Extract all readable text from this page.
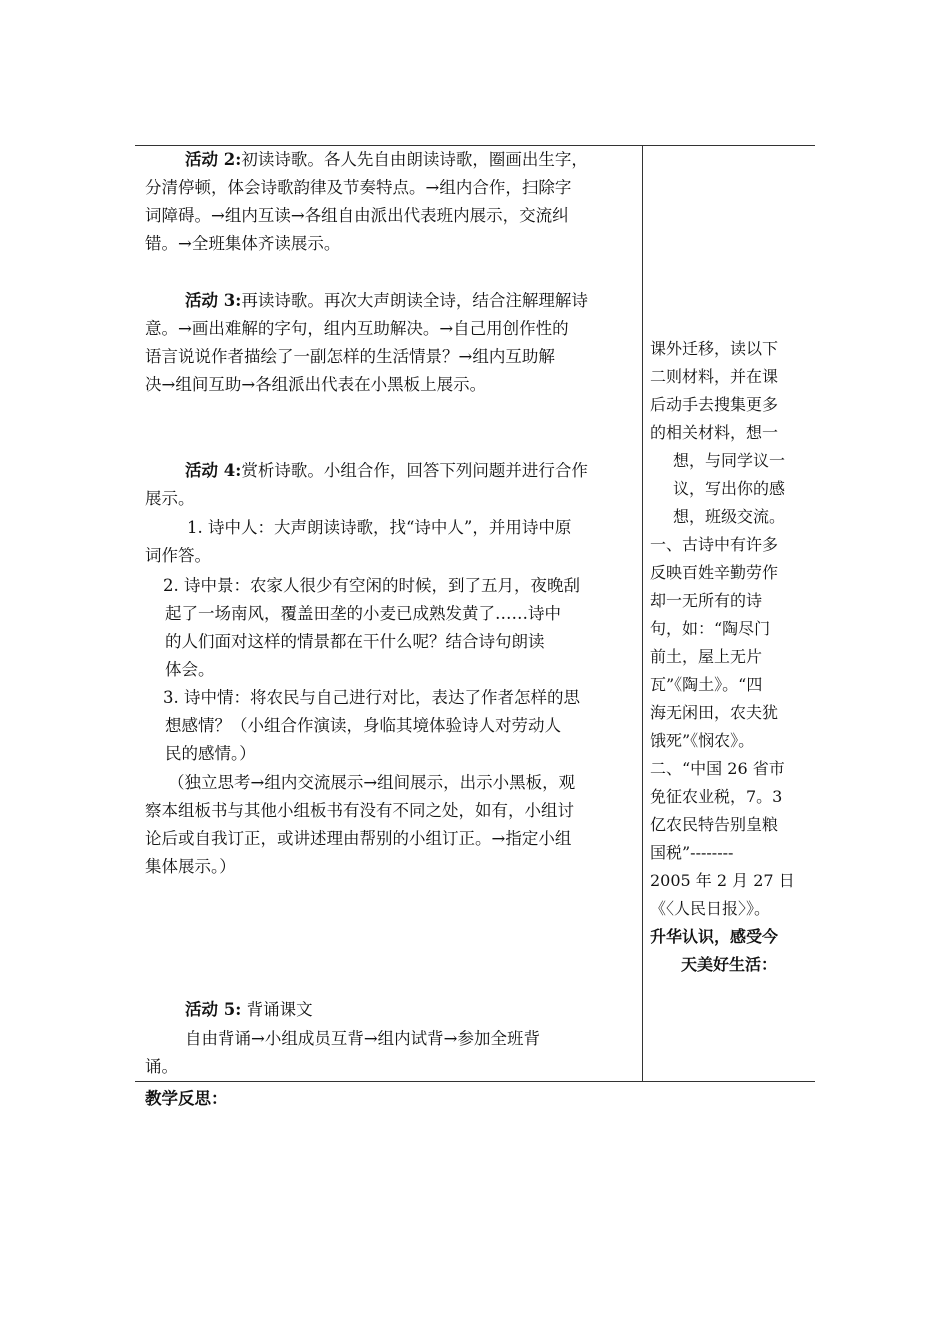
活动 2:初读诗歌。各人先自由朗读诗歌，圈画出生字，
分清停顿，体会诗歌韵律及节奏特点。→组内合作，扫除字
词障碍。→组内互读→各组自由派出代表班内展示，交流纠
错。→全班集体齐读展示。
活动 3:再读诗歌。再次大声朗读全诗，结合注解理解诗
意。→画出难解的字句，组内互助解决。→自己用创作性的
语言说说作者描绘了一副怎样的生活情景？→组内互助解
决→组间互助→各组派出代表在小黑板上展示。
活动 4:赏析诗歌。小组合作，回答下列问题并进行合作
展示。
1. 诗中人：大声朗读诗歌，找“诗中人”，并用诗中原
词作答。
2. 诗中景：农家人很少有空闲的时候，到了五月，夜晚刮
起了一场南风，覆盖田垄的小麦已成熟发黄了……诗中
的人们面对这样的情景都在干什么呢？结合诗句朗读
体会。
3. 诗中情：将农民与自己进行对比，表达了作者怎样的思
想感情？（小组合作演读，身临其境体验诗人对劳动人
民的感情。）
（独立思考→组内交流展示→组间展示，出示小黑板，观
察本组板书与其他小组板书有没有不同之处，如有，小组讨
论后或自我订正，或讲述理由帮别的小组订正。→指定小组
集体展示。）
活动 5: 背诵课文
自由背诵→小组成员互背→组内试背→参加全班背
诵。
课外迁移，读以下
二则材料，并在课
后动手去搜集更多
的相关材料，想一
想，与同学议一
议，写出你的感
想，班级交流。
一、古诗中有许多
反映百姓辛勤劳作
却一无所有的诗
句，如：“陶尽门
前土，屋上无片
瓦”《陶土》。“四
海无闲田，农夫犹
饿死”《悯农》。
二、“中国 26 省市
免征农业税，7。3
亿农民特告别皇粮
国税”--------
2005 年 2 月 27 日
《〈人民日报〉》。
升华认识，感受今
天美好生活：
教学反思：
